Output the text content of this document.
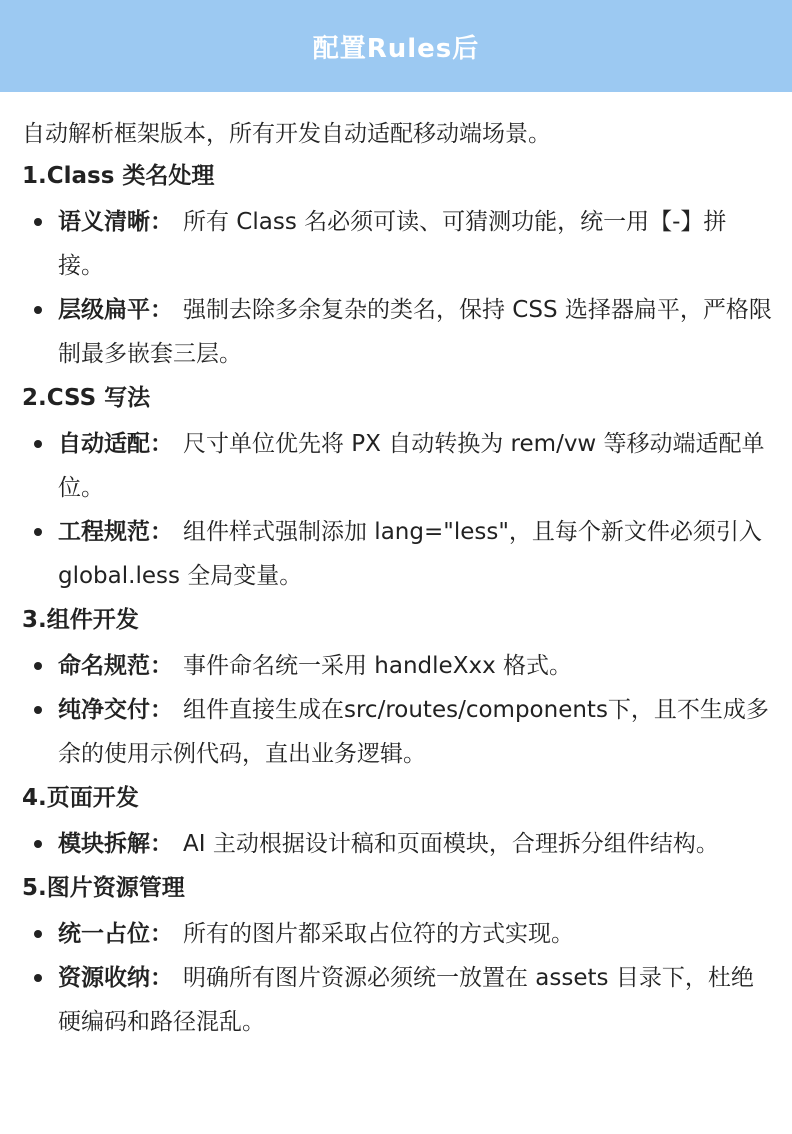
配置Rules后
自动解析框架版本，所有开发自动适配移动端场景。
1.Class 类名处理
语义清晰： 所有 Class 名必须可读、可猜测功能，统一用【-】拼接。
层级扁平： 强制去除多余复杂的类名，保持 CSS 选择器扁平，严格限制最多嵌套三层。
2.CSS 写法
自动适配： 尺寸单位优先将 PX 自动转换为 rem/vw 等移动端适配单位。
工程规范： 组件样式强制添加 lang="less"，且每个新文件必须引入 global.less 全局变量。
3.组件开发
命名规范： 事件命名统一采用 handleXxx 格式。
纯净交付： 组件直接生成在src/routes/components下，且不生成多余的使用示例代码，直出业务逻辑。
4.页面开发
模块拆解： AI 主动根据设计稿和页面模块，合理拆分组件结构。
5.图片资源管理
统一占位： 所有的图片都采取占位符的方式实现。
资源收纳： 明确所有图片资源必须统一放置在 assets 目录下，杜绝硬编码和路径混乱。
